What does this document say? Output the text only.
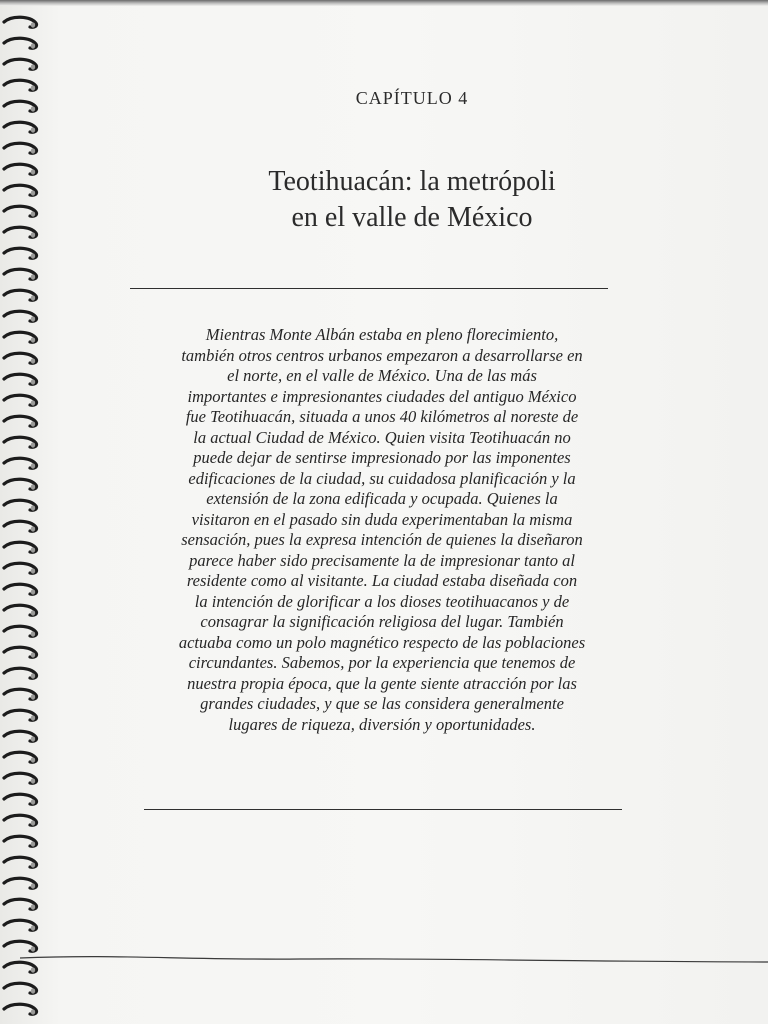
CAPÍTULO 4
Teotihuacán: la metrópoli
en el valle de México
Mientras Monte Albán estaba en pleno florecimiento,
también otros centros urbanos empezaron a desarrollarse en
el norte, en el valle de México. Una de las más
importantes e impresionantes ciudades del antiguo México
fue Teotihuacán, situada a unos 40 kilómetros al noreste de
la actual Ciudad de México. Quien visita Teotihuacán no
puede dejar de sentirse impresionado por las imponentes
edificaciones de la ciudad, su cuidadosa planificación y la
extensión de la zona edificada y ocupada. Quienes la
visitaron en el pasado sin duda experimentaban la misma
sensación, pues la expresa intención de quienes la diseñaron
parece haber sido precisamente la de impresionar tanto al
residente como al visitante. La ciudad estaba diseñada con
la intención de glorificar a los dioses teotihuacanos y de
consagrar la significación religiosa del lugar. También
actuaba como un polo magnético respecto de las poblaciones
circundantes. Sabemos, por la experiencia que tenemos de
nuestra propia época, que la gente siente atracción por las
grandes ciudades, y que se las considera generalmente
lugares de riqueza, diversión y oportunidades.
